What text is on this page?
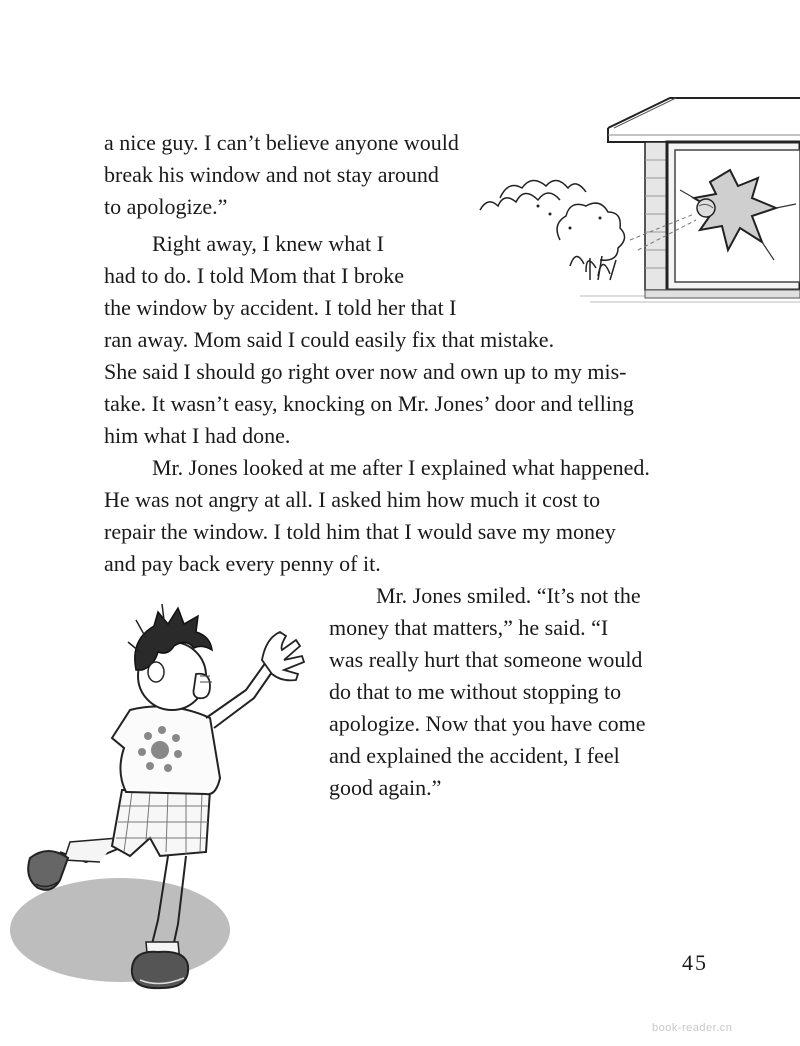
a nice guy. I can’t believe anyone would
break his window and not stay around
to apologize.”
Right away, I knew what I
had to do. I told Mom that I broke
the window by accident. I told her that I
ran away. Mom said I could easily fix that mistake.
She said I should go right over now and own up to my mis-
take. It wasn’t easy, knocking on Mr. Jones’ door and telling
him what I had done.
Mr. Jones looked at me after I explained what happened.
He was not angry at all. I asked him how much it cost to
repair the window. I told him that I would save my money
and pay back every penny of it.
Mr. Jones smiled. “It’s not the
money that matters,” he said. “I
was really hurt that someone would
do that to me without stopping to
apologize. Now that you have come
and explained the accident, I feel
good again.”
45
book-reader.cn
